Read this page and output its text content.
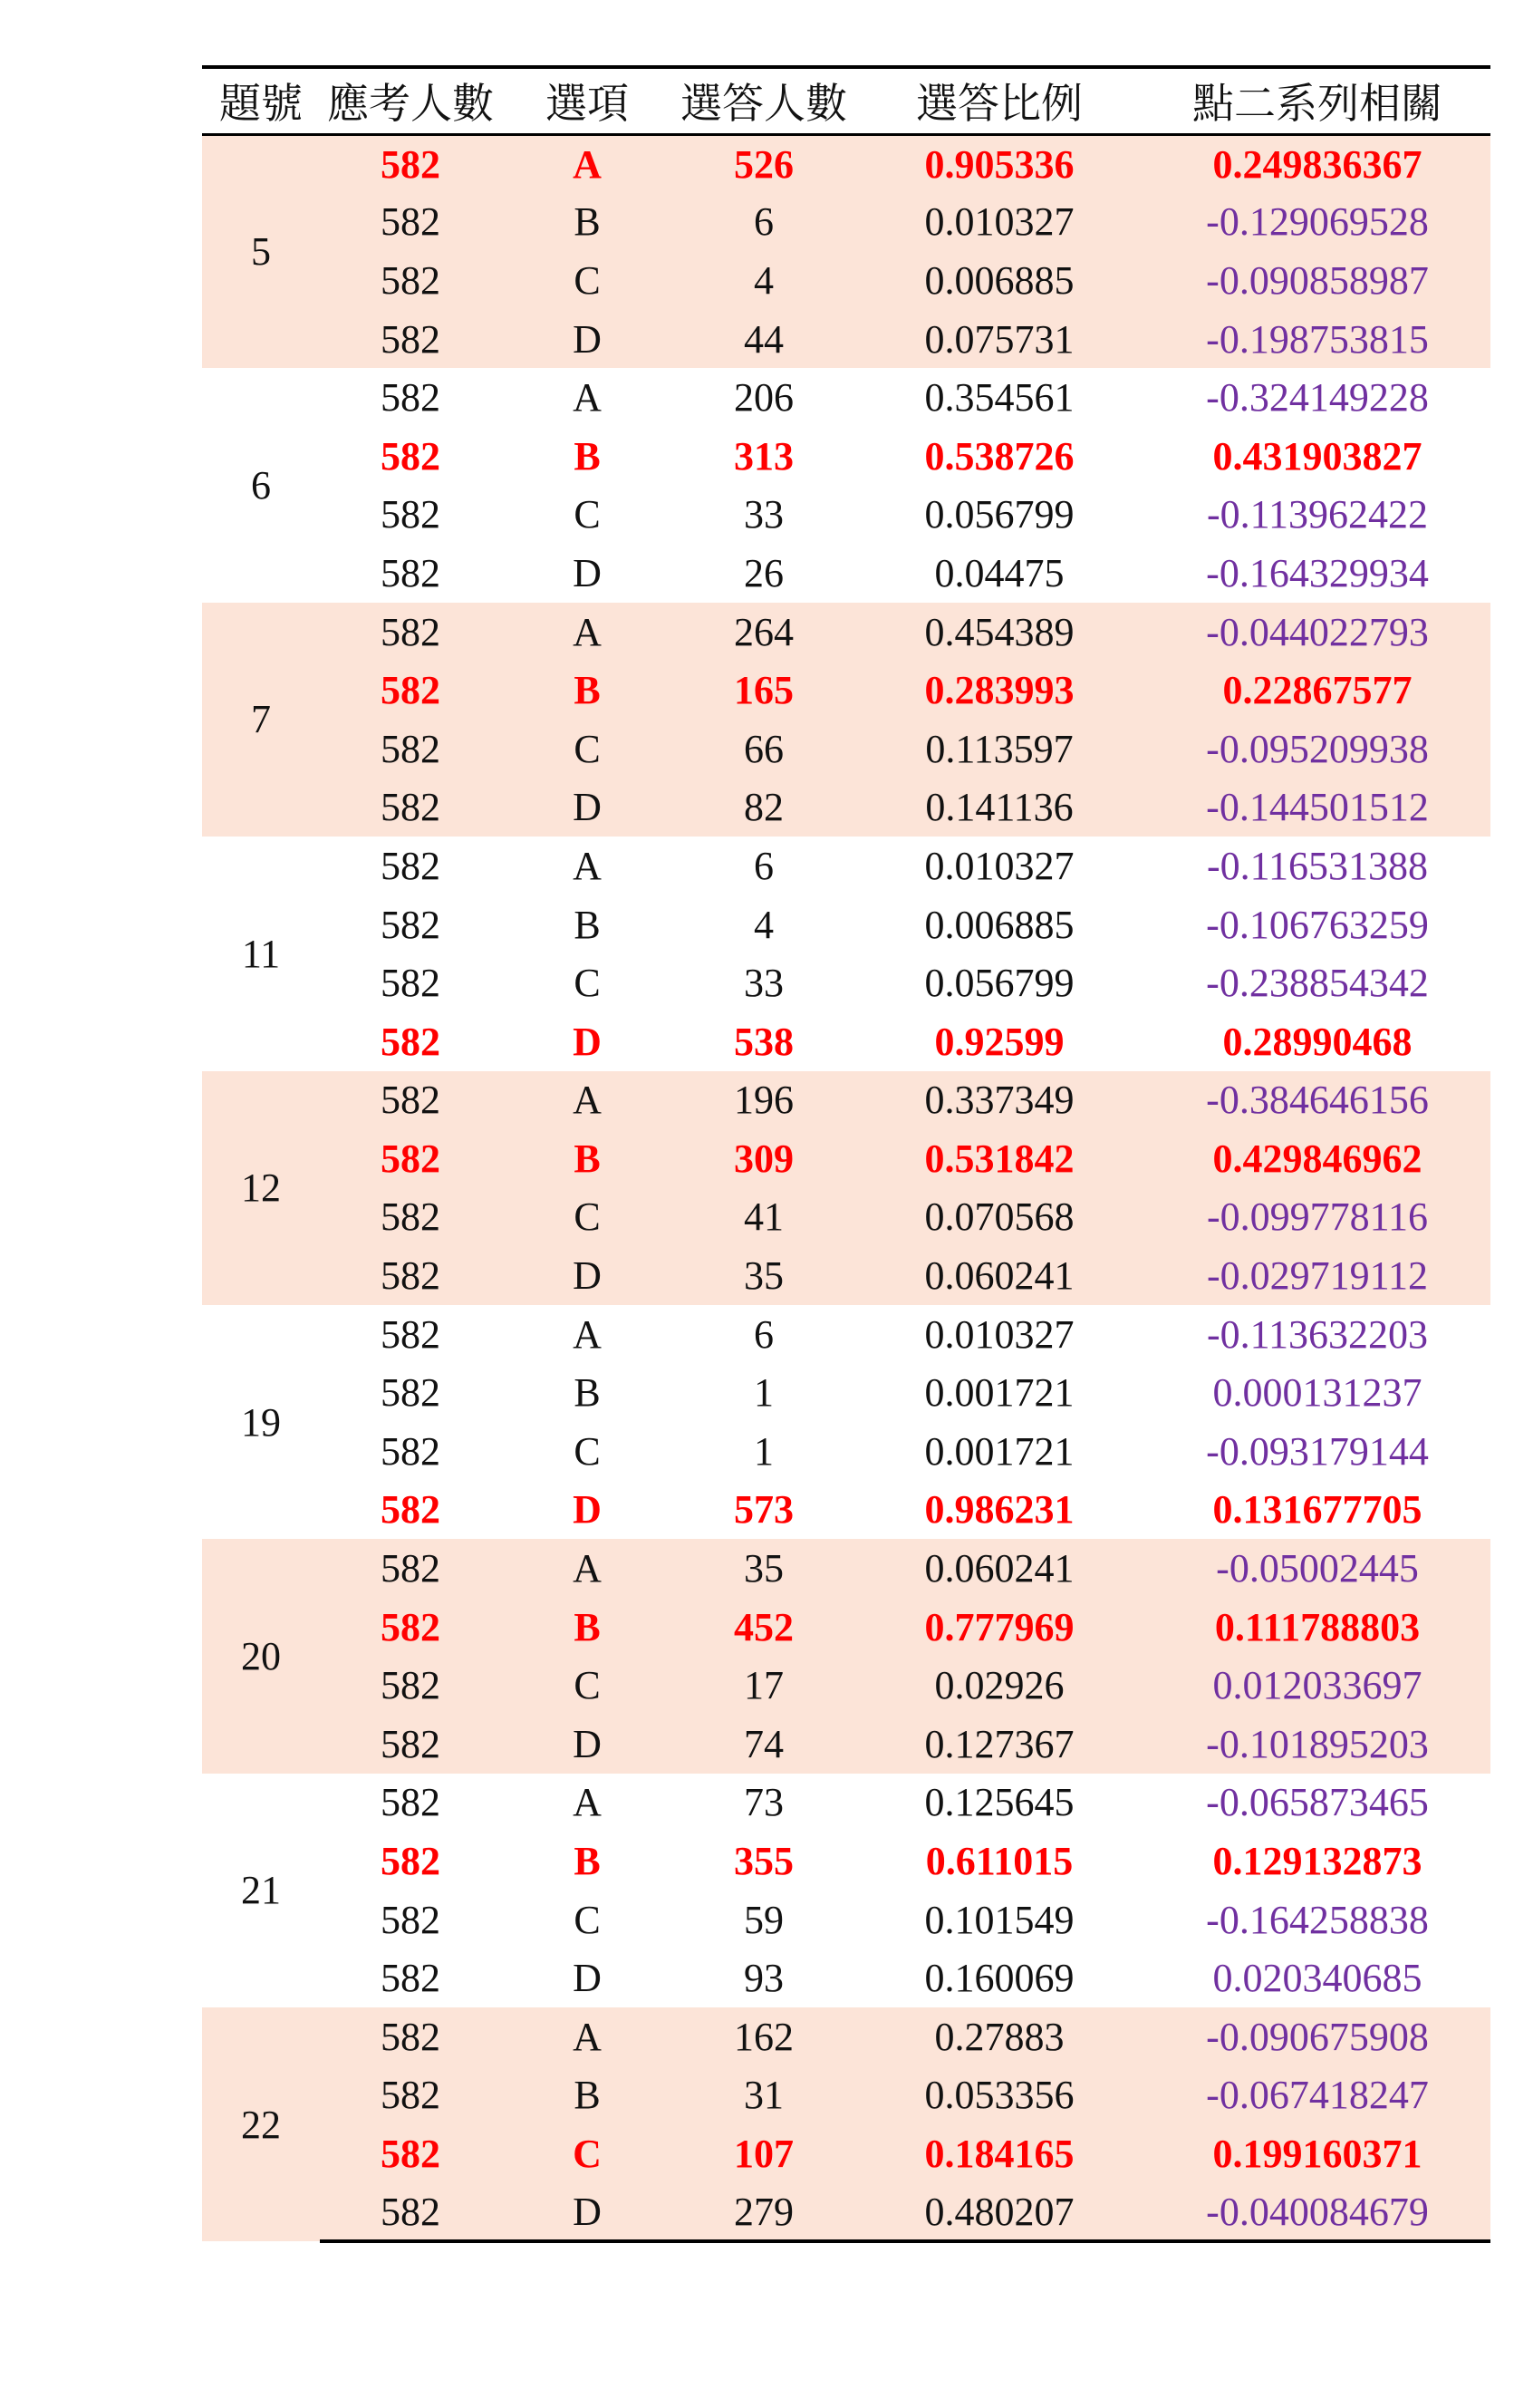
題號	應考人數	選項	選答人數	選答比例	點二系列相關
5	582	A	526	0.905336	0.249836367
	582	B	6	0.010327	-0.129069528
	582	C	4	0.006885	-0.090858987
	582	D	44	0.075731	-0.198753815
6	582	A	206	0.354561	-0.324149228
	582	B	313	0.538726	0.431903827
	582	C	33	0.056799	-0.113962422
	582	D	26	0.04475	-0.164329934
7	582	A	264	0.454389	-0.044022793
	582	B	165	0.283993	0.22867577
	582	C	66	0.113597	-0.095209938
	582	D	82	0.141136	-0.144501512
11	582	A	6	0.010327	-0.116531388
	582	B	4	0.006885	-0.106763259
	582	C	33	0.056799	-0.238854342
	582	D	538	0.92599	0.28990468
12	582	A	196	0.337349	-0.384646156
	582	B	309	0.531842	0.429846962
	582	C	41	0.070568	-0.099778116
	582	D	35	0.060241	-0.029719112
19	582	A	6	0.010327	-0.113632203
	582	B	1	0.001721	0.000131237
	582	C	1	0.001721	-0.093179144
	582	D	573	0.986231	0.131677705
20	582	A	35	0.060241	-0.05002445
	582	B	452	0.777969	0.111788803
	582	C	17	0.02926	0.012033697
	582	D	74	0.127367	-0.101895203
21	582	A	73	0.125645	-0.065873465
	582	B	355	0.611015	0.129132873
	582	C	59	0.101549	-0.164258838
	582	D	93	0.160069	0.020340685
22	582	A	162	0.27883	-0.090675908
	582	B	31	0.053356	-0.067418247
	582	C	107	0.184165	0.199160371
	582	D	279	0.480207	-0.040084679
